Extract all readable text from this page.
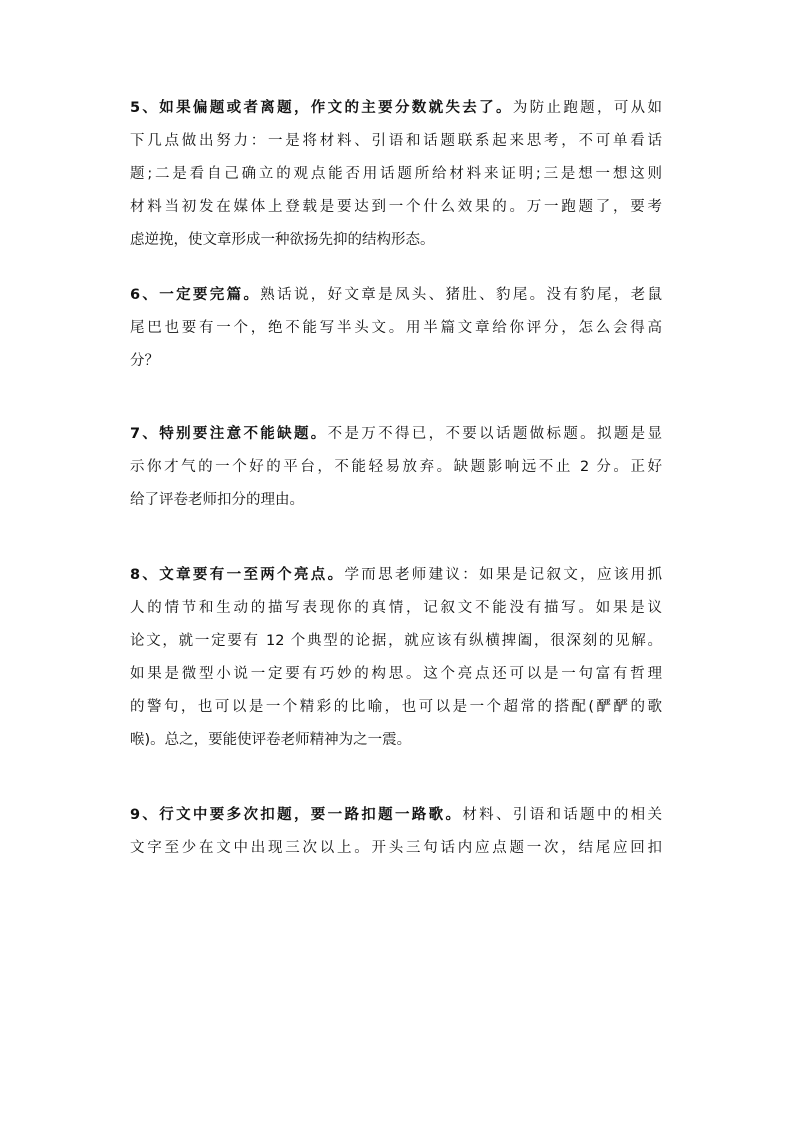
5、如果偏题或者离题，作文的主要分数就失去了。为防止跑题，可从如
下几点做出努力：一是将材料、引语和话题联系起来思考，不可单看话
题;二是看自己确立的观点能否用话题所给材料来证明;三是想一想这则
材料当初发在媒体上登载是要达到一个什么效果的。万一跑题了，要考
虑逆挽，使文章形成一种欲扬先抑的结构形态。
6、一定要完篇。熟话说，好文章是凤头、猪肚、豹尾。没有豹尾，老鼠
尾巴也要有一个，绝不能写半头文。用半篇文章给你评分，怎么会得高
分？
7、特别要注意不能缺题。不是万不得已，不要以话题做标题。拟题是显
示你才气的一个好的平台，不能轻易放弃。缺题影响远不止 2 分。正好
给了评卷老师扣分的理由。
8、文章要有一至两个亮点。学而思老师建议：如果是记叙文，应该用抓
人的情节和生动的描写表现你的真情，记叙文不能没有描写。如果是议
论文，就一定要有 12 个典型的论据，就应该有纵横捭阖，很深刻的见解。
如果是微型小说一定要有巧妙的构思。这个亮点还可以是一句富有哲理
的警句，也可以是一个精彩的比喻，也可以是一个超常的搭配(酽酽的歌
喉)。总之，要能使评卷老师精神为之一震。
9、行文中要多次扣题，要一路扣题一路歌。材料、引语和话题中的相关
文字至少在文中出现三次以上。开头三句话内应点题一次，结尾应回扣
